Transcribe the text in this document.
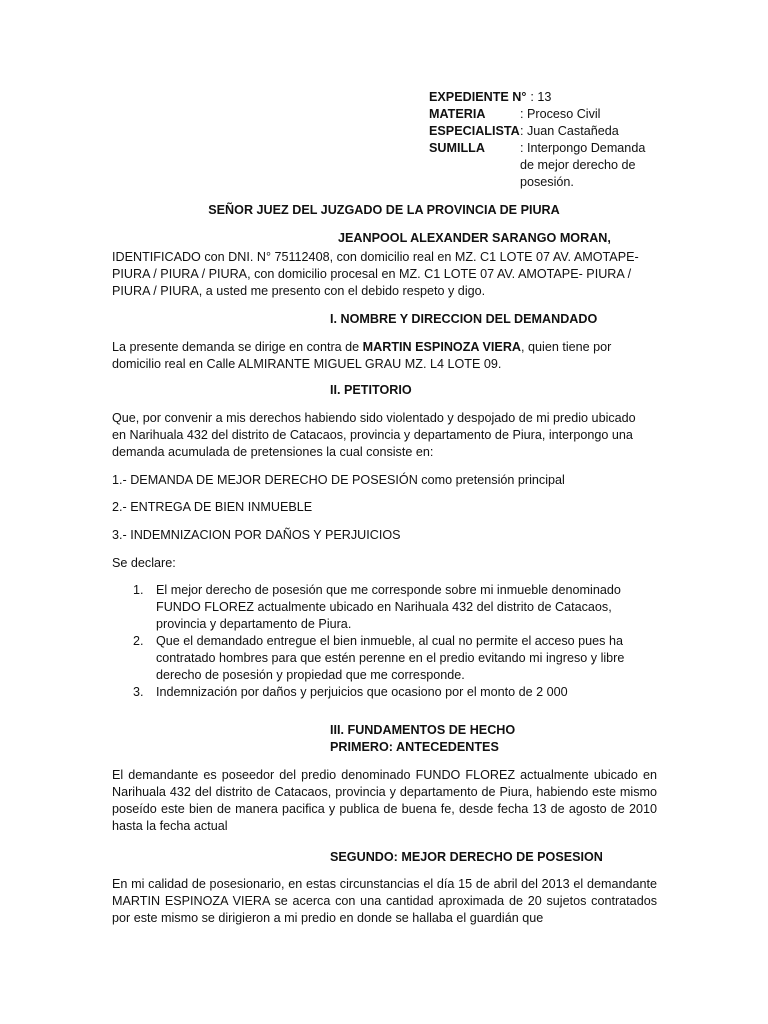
EXPEDIENTE N° : 13
MATERIA	: Proceso Civil
ESPECIALISTA : Juan Castañeda
SUMILLA	: Interpongo Demanda
de mejor derecho de
posesión.
SEÑOR JUEZ DEL JUZGADO DE LA PROVINCIA DE PIURA
JEANPOOL ALEXANDER SARANGO MORAN,
IDENTIFICADO con DNI. N° 75112408, con domicilio real en MZ. C1 LOTE 07 AV. AMOTAPE-
PIURA / PIURA / PIURA, con domicilio procesal en MZ. C1 LOTE 07 AV. AMOTAPE- PIURA /
PIURA / PIURA, a usted me presento con el debido respeto y digo.
I. NOMBRE Y DIRECCION DEL DEMANDADO
La presente demanda se dirige en contra de MARTIN ESPINOZA VIERA, quien tiene por
domicilio real en Calle ALMIRANTE MIGUEL GRAU MZ. L4 LOTE 09.
II. PETITORIO
Que, por convenir a mis derechos habiendo sido violentado y despojado de mi predio ubicado
en Narihuala 432 del distrito de Catacaos, provincia y departamento de Piura, interpongo una
demanda acumulada de pretensiones la cual consiste en:
1.- DEMANDA DE MEJOR DERECHO DE POSESIÓN como pretensión principal
2.- ENTREGA DE BIEN INMUEBLE
3.- INDEMNIZACION POR DAÑOS Y PERJUICIOS
Se declare:
1. El mejor derecho de posesión que me corresponde sobre mi inmueble denominado
FUNDO FLOREZ actualmente ubicado en Narihuala 432 del distrito de Catacaos,
provincia y departamento de Piura.
2. Que el demandado entregue el bien inmueble, al cual no permite el acceso pues ha
contratado hombres para que estén perenne en el predio evitando mi ingreso y libre
derecho de posesión y propiedad que me corresponde.
3. Indemnización por daños y perjuicios que ocasiono por el monto de 2 000
III. FUNDAMENTOS DE HECHO
PRIMERO: ANTECEDENTES
El demandante es poseedor del predio denominado FUNDO FLOREZ actualmente ubicado en Narihuala 432 del distrito de Catacaos, provincia y departamento de Piura, habiendo este mismo poseído este bien de manera pacifica y publica de buena fe, desde fecha 13 de agosto de 2010 hasta la fecha actual
SEGUNDO: MEJOR DERECHO DE POSESION
En mi calidad de posesionario, en estas circunstancias el día 15 de abril del 2013 el demandante MARTIN ESPINOZA VIERA se acerca con una cantidad aproximada de 20 sujetos contratados por este mismo se dirigieron a mi predio en donde se hallaba el guardián que
